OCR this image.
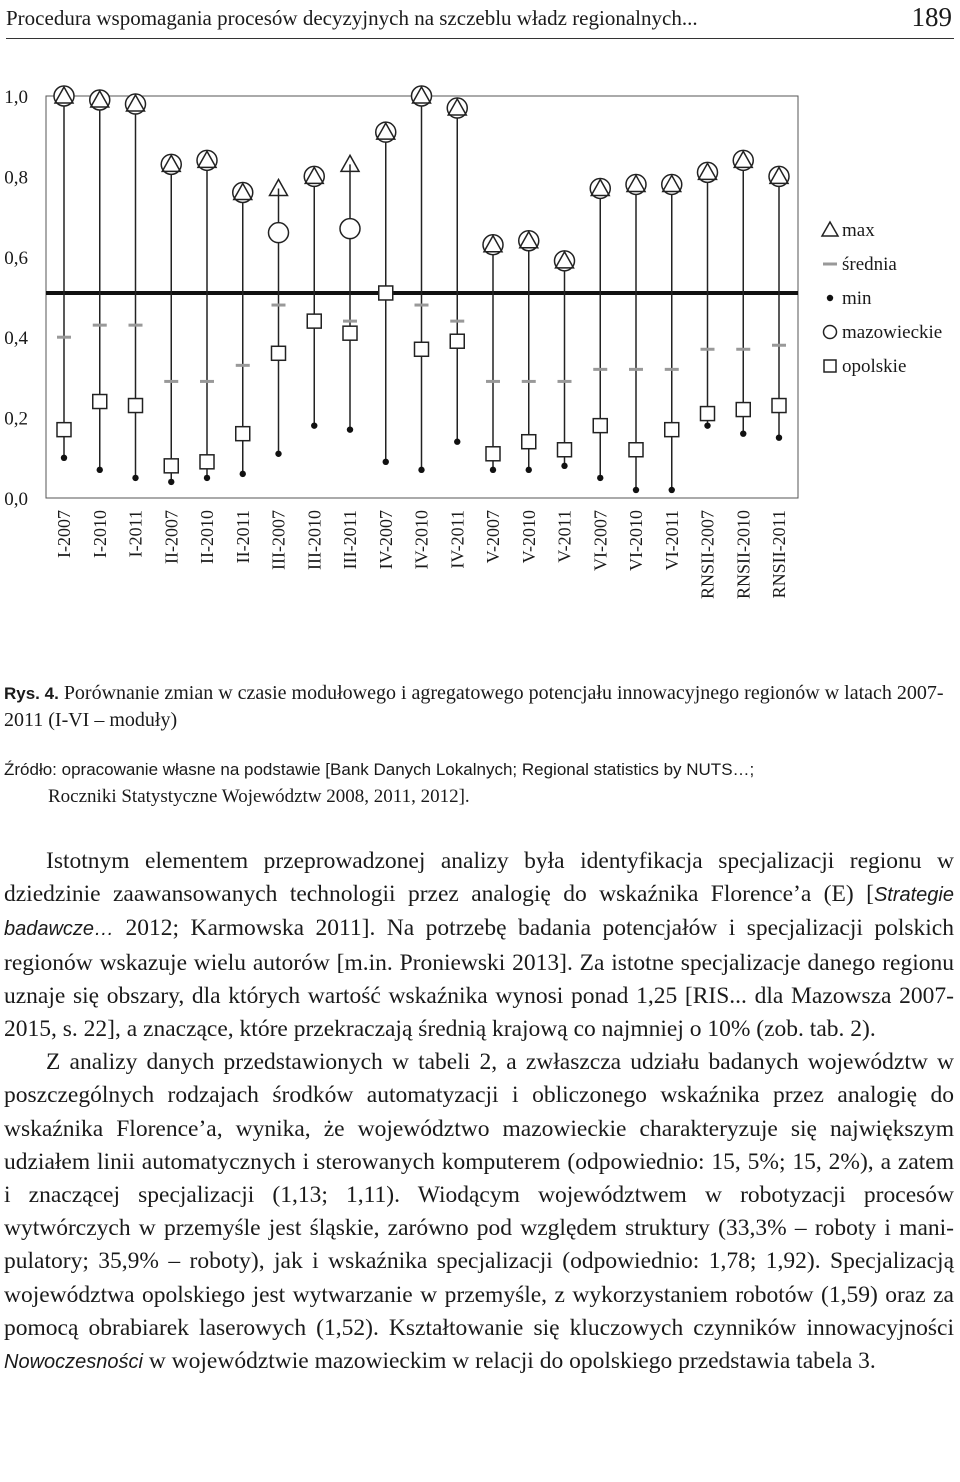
Procedura wspomagania procesów decyzyjnych na szczeblu władz regionalnych...	189
0,0
0,2
0,4
0,6
0,8
1,0
I-2007 I-2010 I-2011 II-2007 II-2010 II-2011 III-2007 III-2010 III-2011 IV-2007 IV-2010 IV-2011 V-2007 V-2010 V-2011 VI-2007 VI-2010 VI-2011 RNSII-2007 RNSII-2010 RNSII-2011
max
średnia
min
mazowieckie
opolskie
Rys. 4. Porównanie zmian w czasie modułowego i agregatowego potencjału innowacyjnego regionów w latach 2007-2011 (I-VI – moduły)
Źródło: opracowanie własne na podstawie [Bank Danych Lokalnych; Regional statistics by NUTS…;
Roczniki Statystyczne Województw 2008, 2011, 2012].

Istotnym elementem przeprowadzonej analizy była identyfikacja specjalizacji regionu w dziedzinie zaawansowanych technologii przez analogię do wskaźnika Florence’a (E) [Strategie badawcze… 2012; Karmowska 2011]. Na potrzebę badania potencjałów i specjalizacji polskich regionów wskazuje wielu autorów [m.in. Proniewski 2013]. Za istotne specjalizacje danego regionu uznaje się obszary, dla których wartość wskaźnika wynosi ponad 1,25 [RIS... dla Mazowsza 2007-2015, s. 22], a znaczące, które przekraczają średnią krajową co najmniej o 10% (zob. tab. 2).

Z analizy danych przedstawionych w tabeli 2, a zwłaszcza udziału badanych województw w poszczególnych rodzajach środków automatyzacji i obliczonego wskaźnika przez analogię do wskaźnika Florence’a, wynika, że województwo mazowieckie charakteryzuje się największym udziałem linii automatycznych i sterowanych komputerem (odpowiednio: 15, 5%; 15, 2%), a zatem i znaczącej specjalizacji (1,13; 1,11). Wiodącym województwem w robotyzacji procesów wytwórczych w przemyśle jest śląskie, zarówno pod względem struktury (33,3% – roboty i manipulatory; 35,9% – roboty), jak i wskaźnika specjalizacji (odpowiednio: 1,78; 1,92). Specjalizacją województwa opolskiego jest wytwarzanie w przemyśle, z wykorzystaniem robotów (1,59) oraz za pomocą obrabiarek laserowych (1,52). Kształtowanie się kluczowych czynników innowacyjności Nowoczesności w województwie mazowieckim w relacji do opolskiego przedstawia tabela 3.
